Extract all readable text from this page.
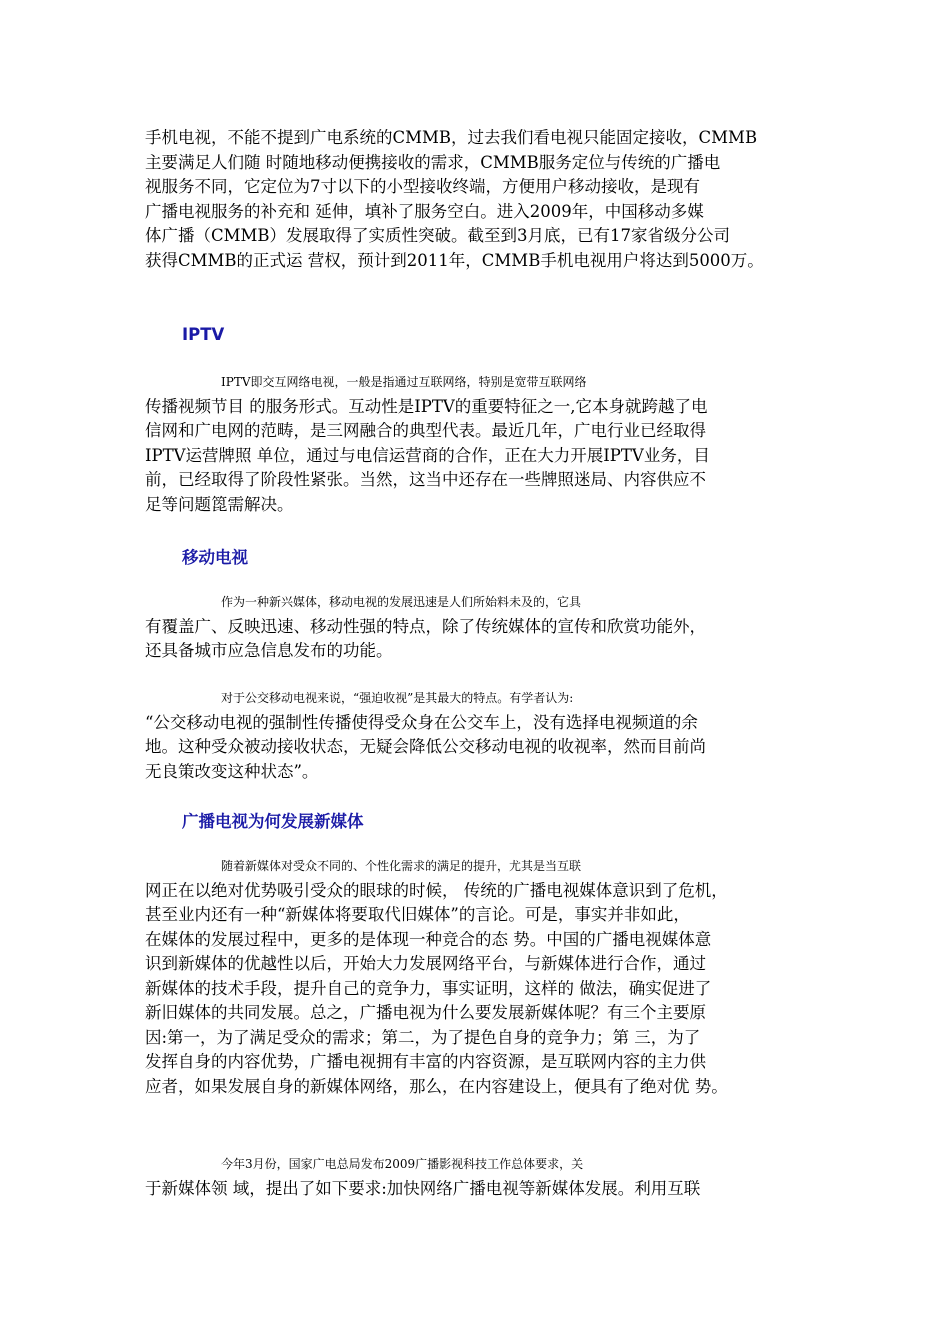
手机电视，不能不提到广电系统的CMMB，过去我们看电视只能固定接收，CMMB
主要满足人们随 时随地移动便携接收的需求，CMMB服务定位与传统的广播电
视服务不同，它定位为7寸以下的小型接收终端，方便用户移动接收，是现有
广播电视服务的补充和 延伸，填补了服务空白。进入2009年，中国移动多媒
体广播（CMMB）发展取得了实质性突破。截至到3月底，已有17家省级分公司
获得CMMB的正式运 营权，预计到2011年，CMMB手机电视用户将达到5000万。
IPTV
IPTV即交互网络电视，一般是指通过互联网络，特别是宽带互联网络
传播视频节目 的服务形式。互动性是IPTV的重要特征之一,它本身就跨越了电
信网和广电网的范畴，是三网融合的典型代表。最近几年，广电行业已经取得
IPTV运营牌照 单位，通过与电信运营商的合作，正在大力开展IPTV业务，目
前，已经取得了阶段性紧张。当然，这当中还存在一些牌照迷局、内容供应不
足等问题箆需解决。
移动电视
作为一种新兴媒体，移动电视的发展迅速是人们所始料未及的，它具
有覆盖广、反映迅速、移动性强的特点，除了传统媒体的宣传和欣赏功能外，
还具备城市应急信息发布的功能。
对于公交移动电视来说，“强迫收视”是其最大的特点。有学者认为:
“公交移动电视的强制性传播使得受众身在公交车上，没有选择电视频道的余
地。这种受众被动接收状态，无疑会降低公交移动电视的收视率，然而目前尚
无良策改变这种状态”。
广播电视为何发展新媒体
随着新媒体对受众不同的、个性化需求的满足的提升，尤其是当互联
网正在以绝对优势吸引受众的眼球的时候， 传统的广播电视媒体意识到了危机，
甚至业内还有一种“新媒体将要取代旧媒体”的言论。可是，事实并非如此，
在媒体的发展过程中，更多的是体现一种竞合的态 势。中国的广播电视媒体意
识到新媒体的优越性以后，开始大力发展网络平台，与新媒体进行合作，通过
新媒体的技术手段，提升自己的竞争力，事实证明，这样的 做法，确实促进了
新旧媒体的共同发展。总之，广播电视为什么要发展新媒体呢？有三个主要原
因:第一，为了满足受众的需求；第二，为了提色自身的竞争力；第 三，为了
发挥自身的内容优势，广播电视拥有丰富的内容资源，是互联网内容的主力供
应者，如果发展自身的新媒体网络，那么，在内容建设上，便具有了绝对优 势。
今年3月份，国家广电总局发布2009广播影视科技工作总体要求，关
于新媒体领 域，提出了如下要求:加快网络广播电视等新媒体发展。利用互联
